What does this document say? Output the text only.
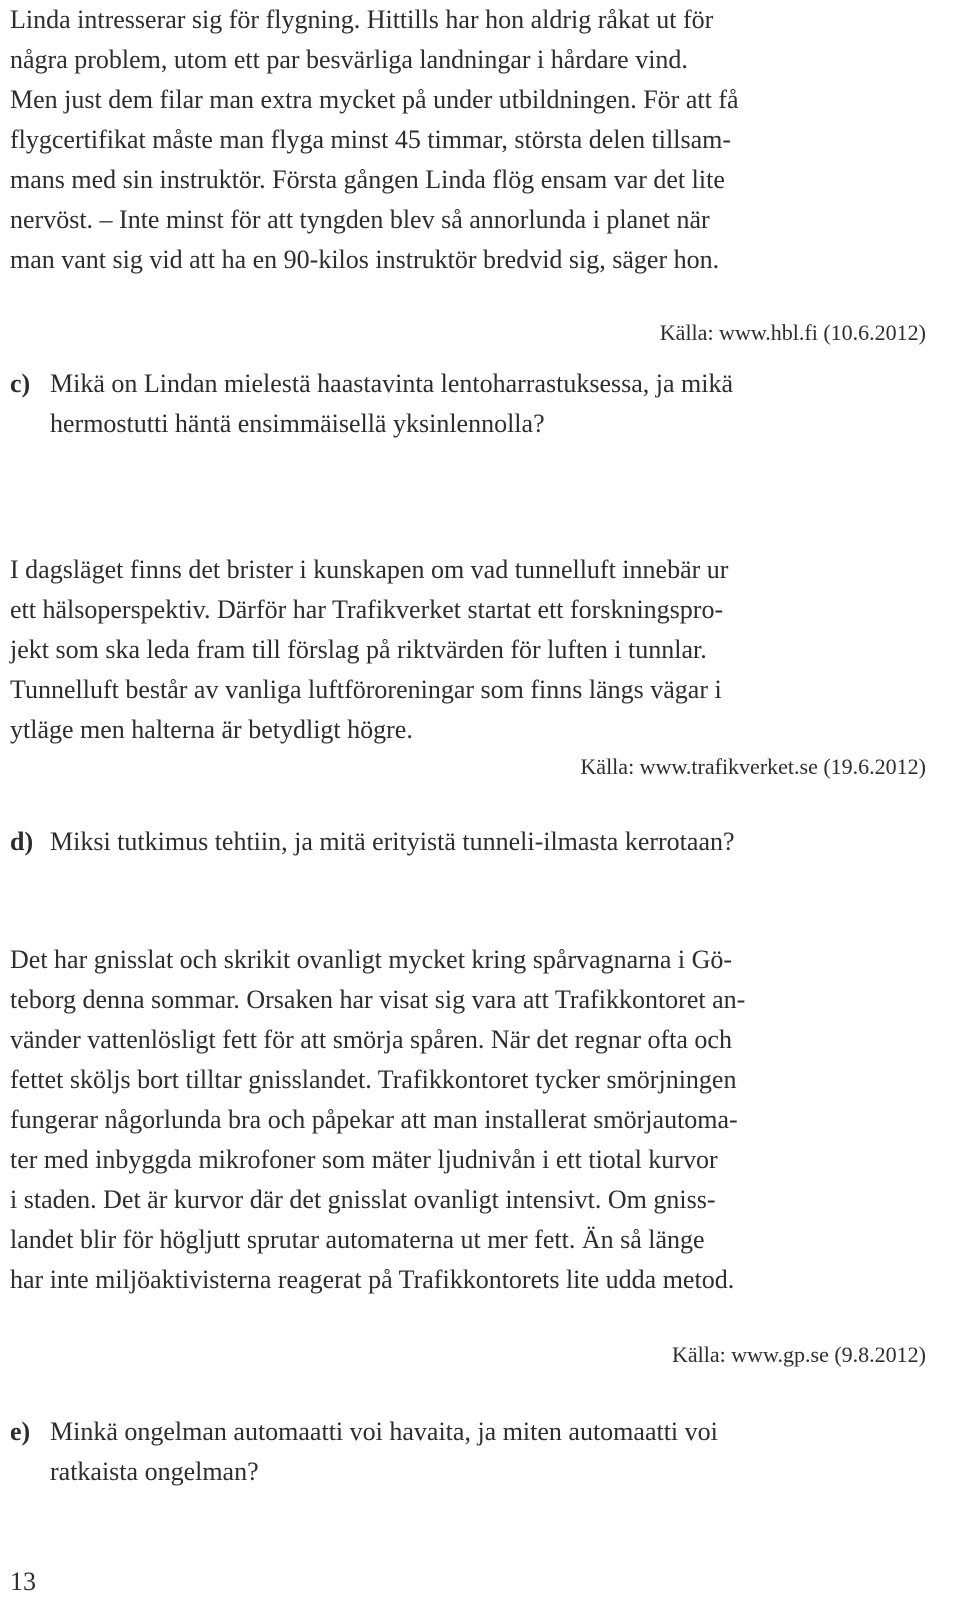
Linda intresserar sig för flygning. Hittills har hon aldrig råkat ut för
några problem, utom ett par besvärliga landningar i hårdare vind.
Men just dem filar man extra mycket på under utbildningen. För att få
flygcertifikat måste man flyga minst 45 timmar, största delen tillsam-
mans med sin instruktör. Första gången Linda flög ensam var det lite
nervöst. – Inte minst för att tyngden blev så annorlunda i planet när
man vant sig vid att ha en 90-kilos instruktör bredvid sig, säger hon.

Källa: www.hbl.fi (10.6.2012)

c) Mikä on Lindan mielestä haastavinta lentoharrastuksessa, ja mikä
hermostutti häntä ensimmäisellä yksinlennolla?
I dagsläget finns det brister i kunskapen om vad tunnelluft innebär ur
ett hälsoperspektiv. Därför har Trafikverket startat ett forskningspro-
jekt som ska leda fram till förslag på riktvärden för luften i tunnlar.
Tunnelluft består av vanliga luftföroreningar som finns längs vägar i
ytläge men halterna är betydligt högre.

Källa: www.trafikverket.se (19.6.2012)

d) Miksi tutkimus tehtiin, ja mitä erityistä tunneli-ilmasta kerrotaan?
Det har gnisslat och skrikit ovanligt mycket kring spårvagnarna i Gö-
teborg denna sommar. Orsaken har visat sig vara att Trafikkontoret an-
vänder vattenlösligt fett för att smörja spåren. När det regnar ofta och
fettet sköljs bort tilltar gnisslandet. Trafikkontoret tycker smörjningen
fungerar någorlunda bra och påpekar att man installerat smörjautoma-
ter med inbyggda mikrofoner som mäter ljudnivån i ett tiotal kurvor
i staden. Det är kurvor där det gnisslat ovanligt intensivt. Om gniss-
landet blir för högljutt sprutar automaterna ut mer fett. Än så länge
har inte miljöaktivisterna reagerat på Trafikkontorets lite udda metod.

Källa: www.gp.se (9.8.2012)

e) Minkä ongelman automaatti voi havaita, ja miten automaatti voi
ratkaista ongelman?
13
